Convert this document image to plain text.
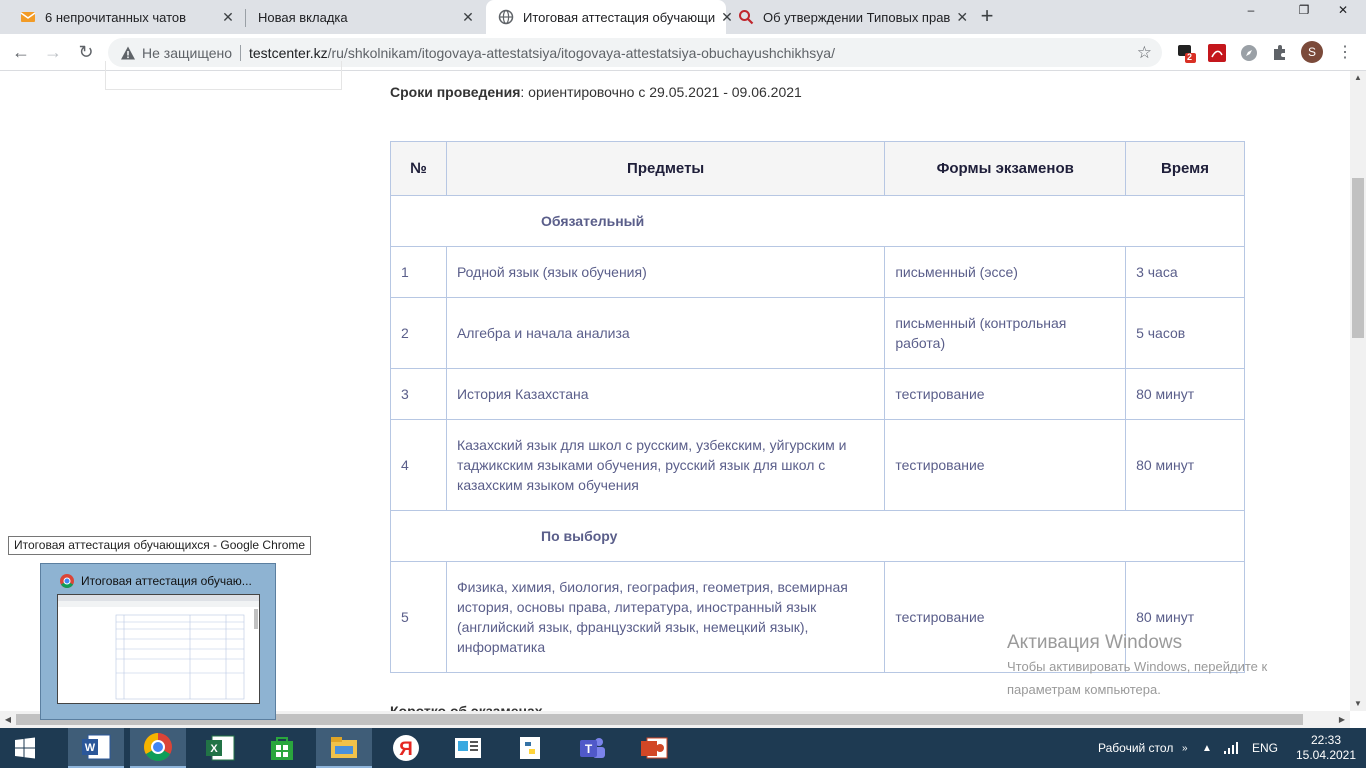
6 непрочитанных чатов	✕ Новая вкладка	✕	Итоговая аттестация обучающи ✕ Об утверждении Типовых прав ✕ +	–	❐	✕
← → ↻	Не защищено testcenter.kz /ru/shkolnikam/itogovaya-attestatsiya/itogovaya-attestatsiya-obuchayushchikhsya/	☆	2	S	⋮
Сроки проведения: ориентировочно с 29.05.2021 - 09.06.2021
№	Предметы	Формы экзаменов	Время
Обязательный			
1	Родной язык (язык обучения)	письменный (эссе)	3 часа
2	Алгебра и начала анализа	письменный (контрольная работа)	5 часов
3	История Казахстана	тестирование	80 минут
4	Казахский язык для школ с русским, узбекским, уйгурским и таджикским языками обучения, русский язык для школ с казахским языком обучения	тестирование	80 минут
По выбору			
5	Физика, химия, биология, география, геометрия, всемирная история, основы права, литература, иностранный язык (английский язык, французский язык, немецкий язык), информатика	тестирование	80 минут
Активация Windows
Чтобы активировать Windows, перейдите к
параметрам компьютера.
▲
▼
◀	▶
Итоговая аттестация обучаю...
Итоговая аттестация обучающихся - Google Chrome
W	X	Я	T	Рабочий стол » ▲	ENG
22:33
15.04.2021
